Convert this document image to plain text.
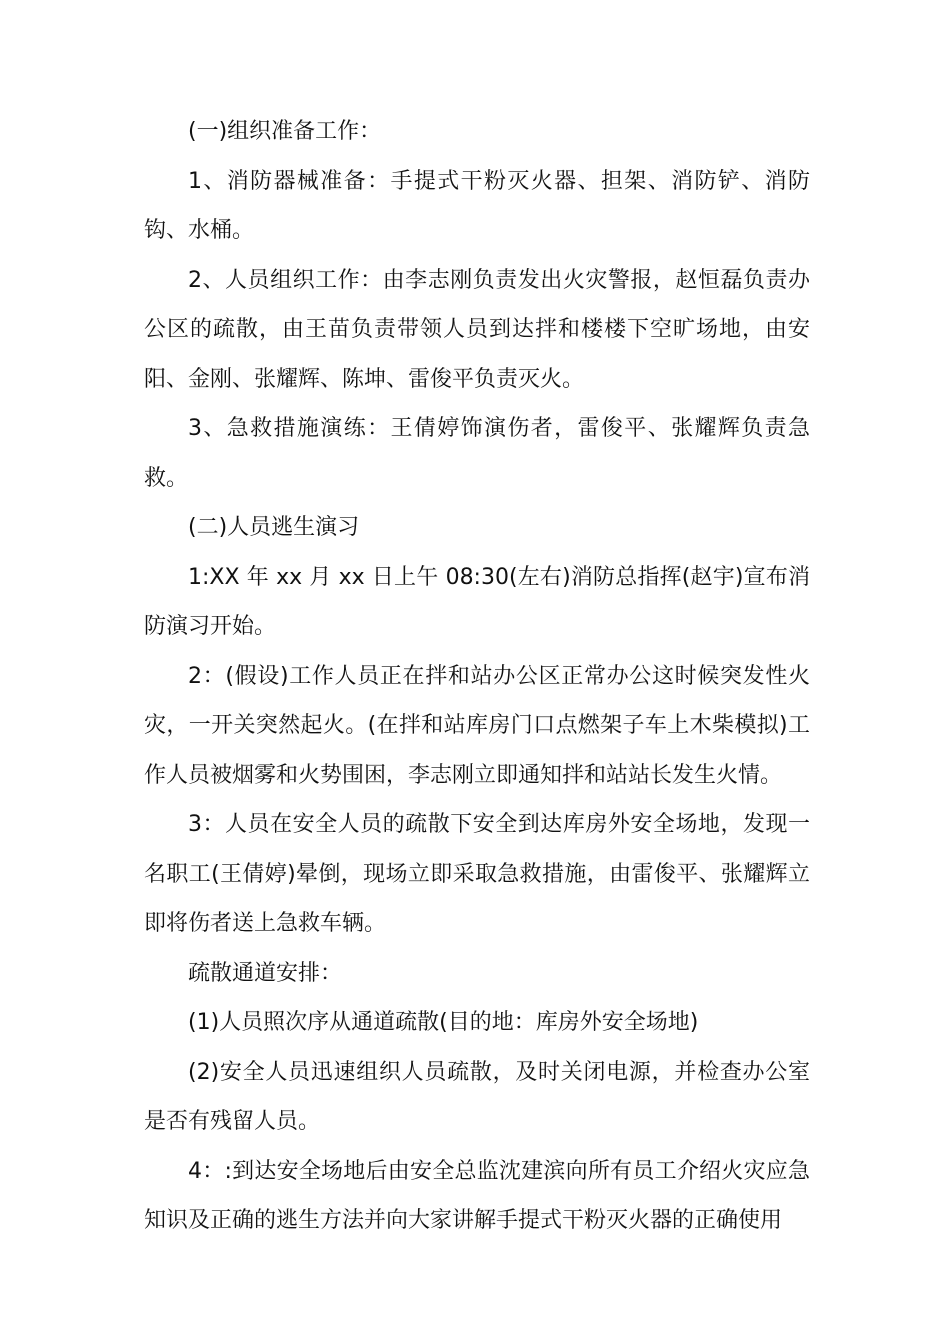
(一)组织准备工作：

1、消防器械准备：手提式干粉灭火器、担架、消防铲、消防钩、水桶。

2、人员组织工作：由李志刚负责发出火灾警报，赵恒磊负责办公区的疏散，由王苗负责带领人员到达拌和楼楼下空旷场地，由安阳、金刚、张耀辉、陈坤、雷俊平负责灭火。

3、急救措施演练：王倩婷饰演伤者，雷俊平、张耀辉负责急救。

(二)人员逃生演习

1:XX 年 xx 月 xx 日上午 08:30(左右)消防总指挥(赵宇)宣布消防演习开始。

2：(假设)工作人员正在拌和站办公区正常办公这时候突发性火灾，一开关突然起火。(在拌和站库房门口点燃架子车上木柴模拟)工作人员被烟雾和火势围困，李志刚立即通知拌和站站长发生火情。

3：人员在安全人员的疏散下安全到达库房外安全场地，发现一名职工(王倩婷)晕倒，现场立即采取急救措施，由雷俊平、张耀辉立即将伤者送上急救车辆。

疏散通道安排：

(1)人员照次序从通道疏散(目的地：库房外安全场地)

(2)安全人员迅速组织人员疏散，及时关闭电源，并检查办公室是否有残留人员。

4：:到达安全场地后由安全总监沈建滨向所有员工介绍火灾应急知识及正确的逃生方法并向大家讲解手提式干粉灭火器的正确使用
